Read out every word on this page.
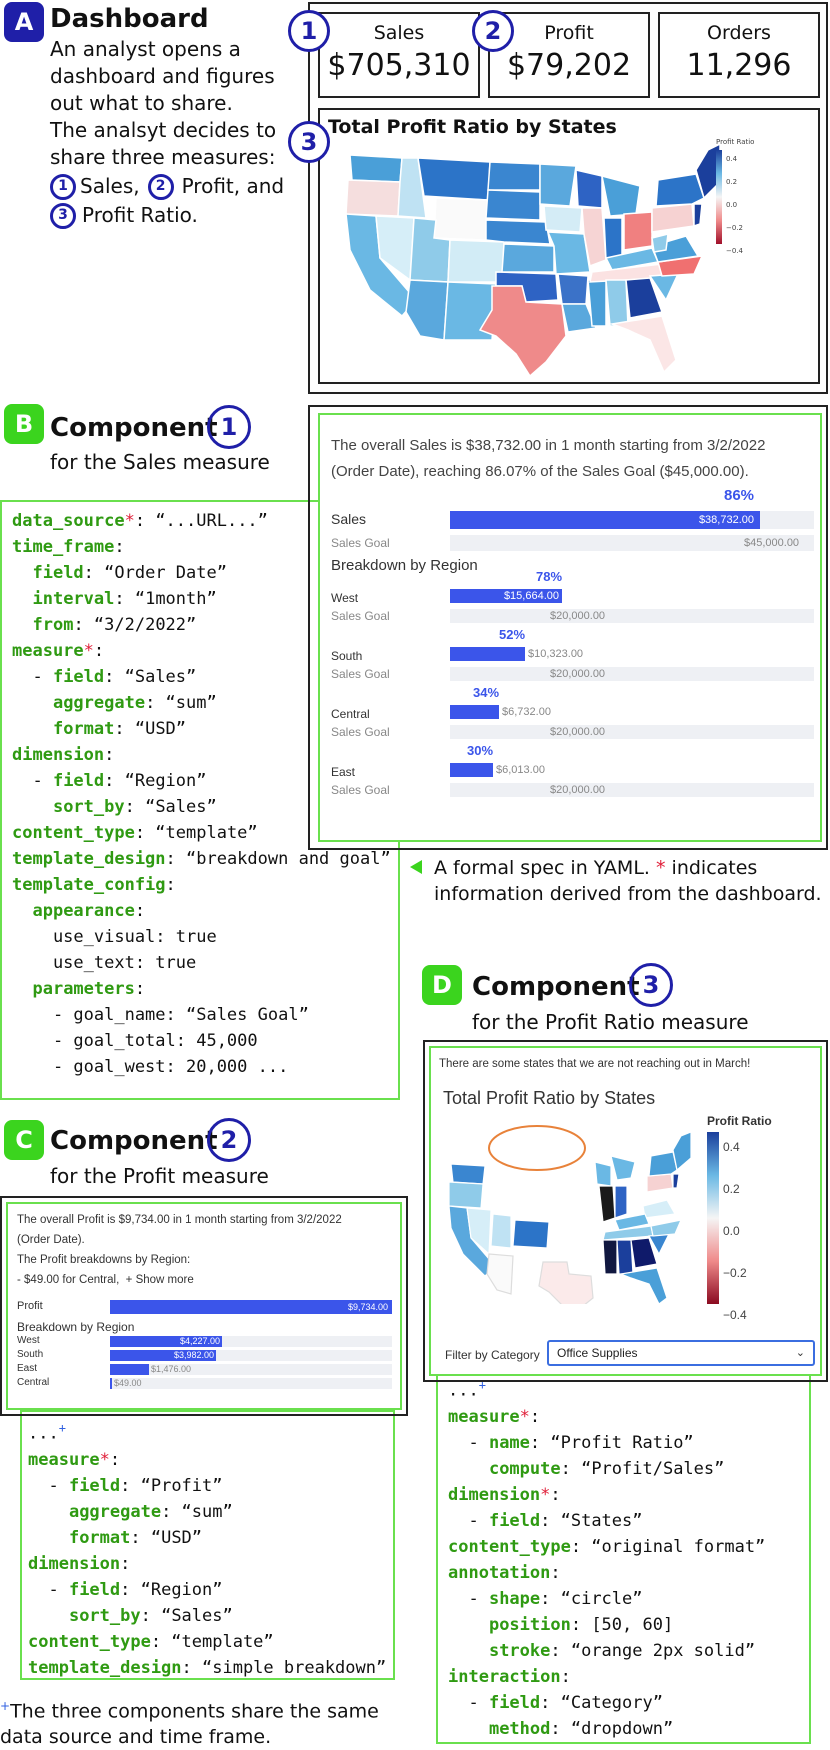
A Dashboard
An analyst opens a
dashboard and figures
out what to share.
The analsyt decides to
share three measures:
1 Sales,	2 Profit, and
3 Profit Ratio.
Sales
$705,310
Profit
$79,202
Orders
11,296
1	2
Total Profit Ratio by States
Profit Ratio
0.4
0.2
0.0
−0.2
−0.4
3
B Component 1
for the Sales measure
data_source*: “...URL...”
time_frame:
field: “Order Date”
interval: “1month”
from: “3/2/2022”
measure*:
- field: “Sales”
aggregate: “sum”
format: “USD”
dimension:
- field: “Region”
sort_by: “Sales”
content_type: “template”
template_design: “breakdown and goal”
template_config:
appearance:
use_visual: true
use_text: true
parameters:
- goal_name: “Sales Goal”
- goal_total: 45,000
- goal_west: 20,000 ...
The overall Sales is $38,732.00 in 1 month starting from 3/2/2022
(Order Date), reaching 86.07% of the Sales Goal ($45,000.00).
86%
Sales	$38,732.00
Sales Goal	$45,000.00
Breakdown by Region
78%
West	$15,664.00
Sales Goal	$20,000.00
52%
South	$10,323.00
Sales Goal	$20,000.00
34%
Central	$6,732.00
Sales Goal	$20,000.00
30%
East	$6,013.00
Sales Goal	$20,000.00
A formal spec in YAML. * indicates
information derived from the dashboard.
C Component 2
for the Profit measure
...+
measure*:
- field: “Profit”
aggregate: “sum”
format: “USD”
dimension:
- field: “Region”
sort_by: “Sales”
content_type: “template”
template_design: “simple breakdown”
The overall Profit is $9,734.00 in 1 month starting from 3/2/2022
(Order Date).
The Profit breakdowns by Region:
- $49.00 for Central, + Show more
Profit	$9,734.00
Breakdown by Region
West	$4,227.00
South	$3,982.00
East	$1,476.00
Central	$49.00
+The three components share the same
data source and time frame.
D Component 3
for the Profit Ratio measure
...+
measure*:
- name: “Profit Ratio”
compute: “Profit/Sales”
dimension*:
- field: “States”
content_type: “original format”
annotation:
- shape: “circle”
position: [50, 60]
stroke: “orange 2px solid”
interaction:
- field: “Category”
method: “dropdown”
There are some states that we are not reaching out in March!
Total Profit Ratio by States
Profit Ratio
0.4
0.2
0.0
−0.2
−0.4
Filter by Category Office Supplies	⌄
